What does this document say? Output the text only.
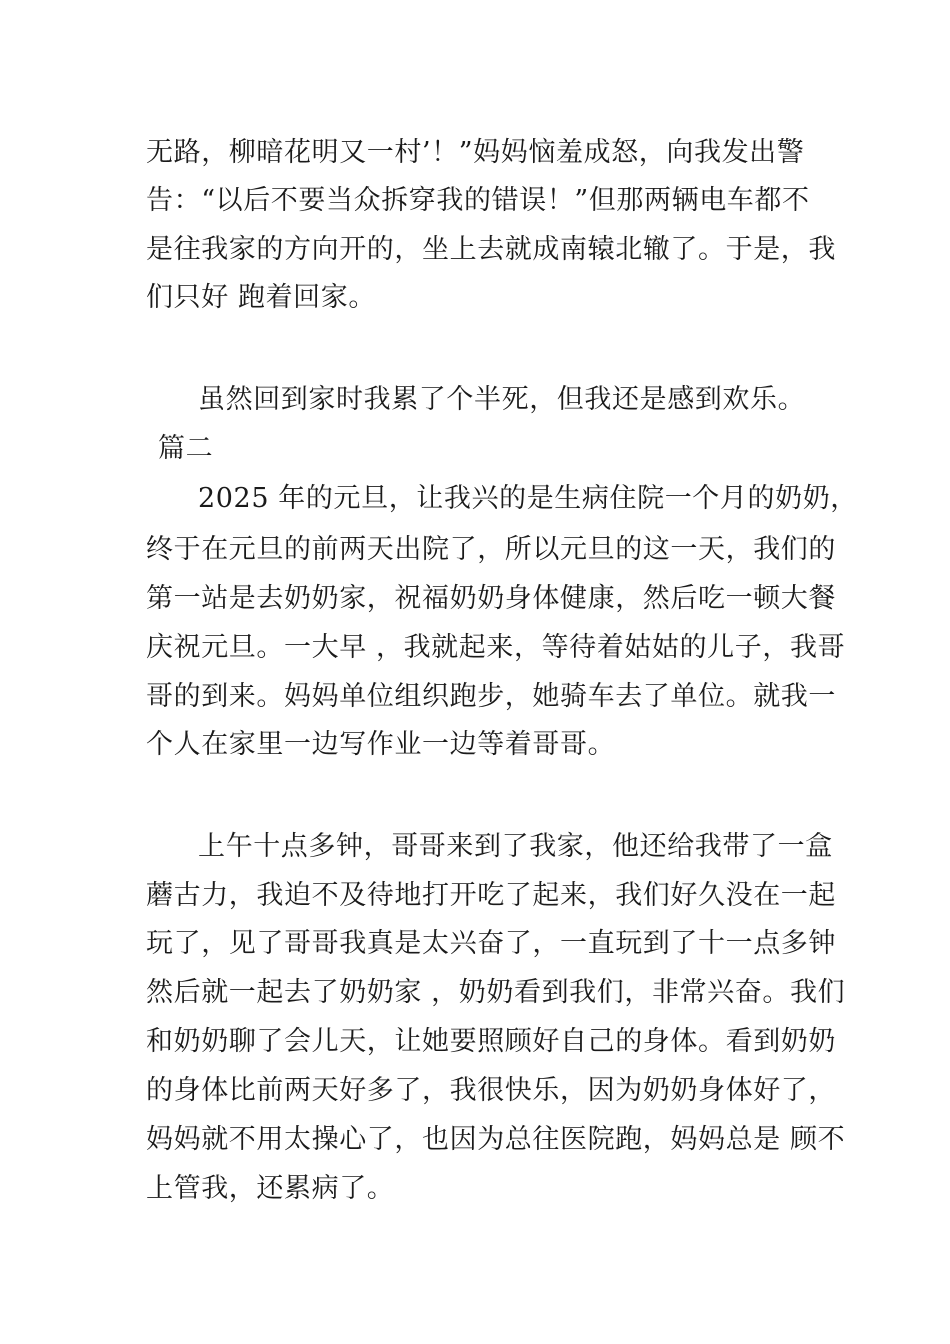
无路，柳暗花明又一村’！”妈妈恼羞成怒，向我发出警
告：“以后不要当众拆穿我的错误！”但那两辆电车都不
是往我家的方向开的，坐上去就成南辕北辙了。于是，我
们只好 跑着回家。
虽然回到家时我累了个半死，但我还是感到欢乐。
篇二
2025 年的元旦，让我兴的是生病住院一个月的奶奶，
终于在元旦的前两天出院了，所以元旦的这一天，我们的
第一站是去奶奶家，祝福奶奶身体健康，然后吃一顿大餐
庆祝元旦。一大早 ，我就起来，等待着姑姑的儿子，我哥
哥的到来。妈妈单位组织跑步，她骑车去了单位。就我一
个人在家里一边写作业一边等着哥哥。
上午十点多钟，哥哥来到了我家，他还给我带了一盒
蘑古力，我迫不及待地打开吃了起来，我们好久没在一起
玩了，见了哥哥我真是太兴奋了，一直玩到了十一点多钟
然后就一起去了奶奶家 ，奶奶看到我们，非常兴奋。我们
和奶奶聊了会儿天，让她要照顾好自己的身体。看到奶奶
的身体比前两天好多了，我很快乐，因为奶奶身体好了，
妈妈就不用太操心了，也因为总往医院跑，妈妈总是 顾不
上管我，还累病了。
